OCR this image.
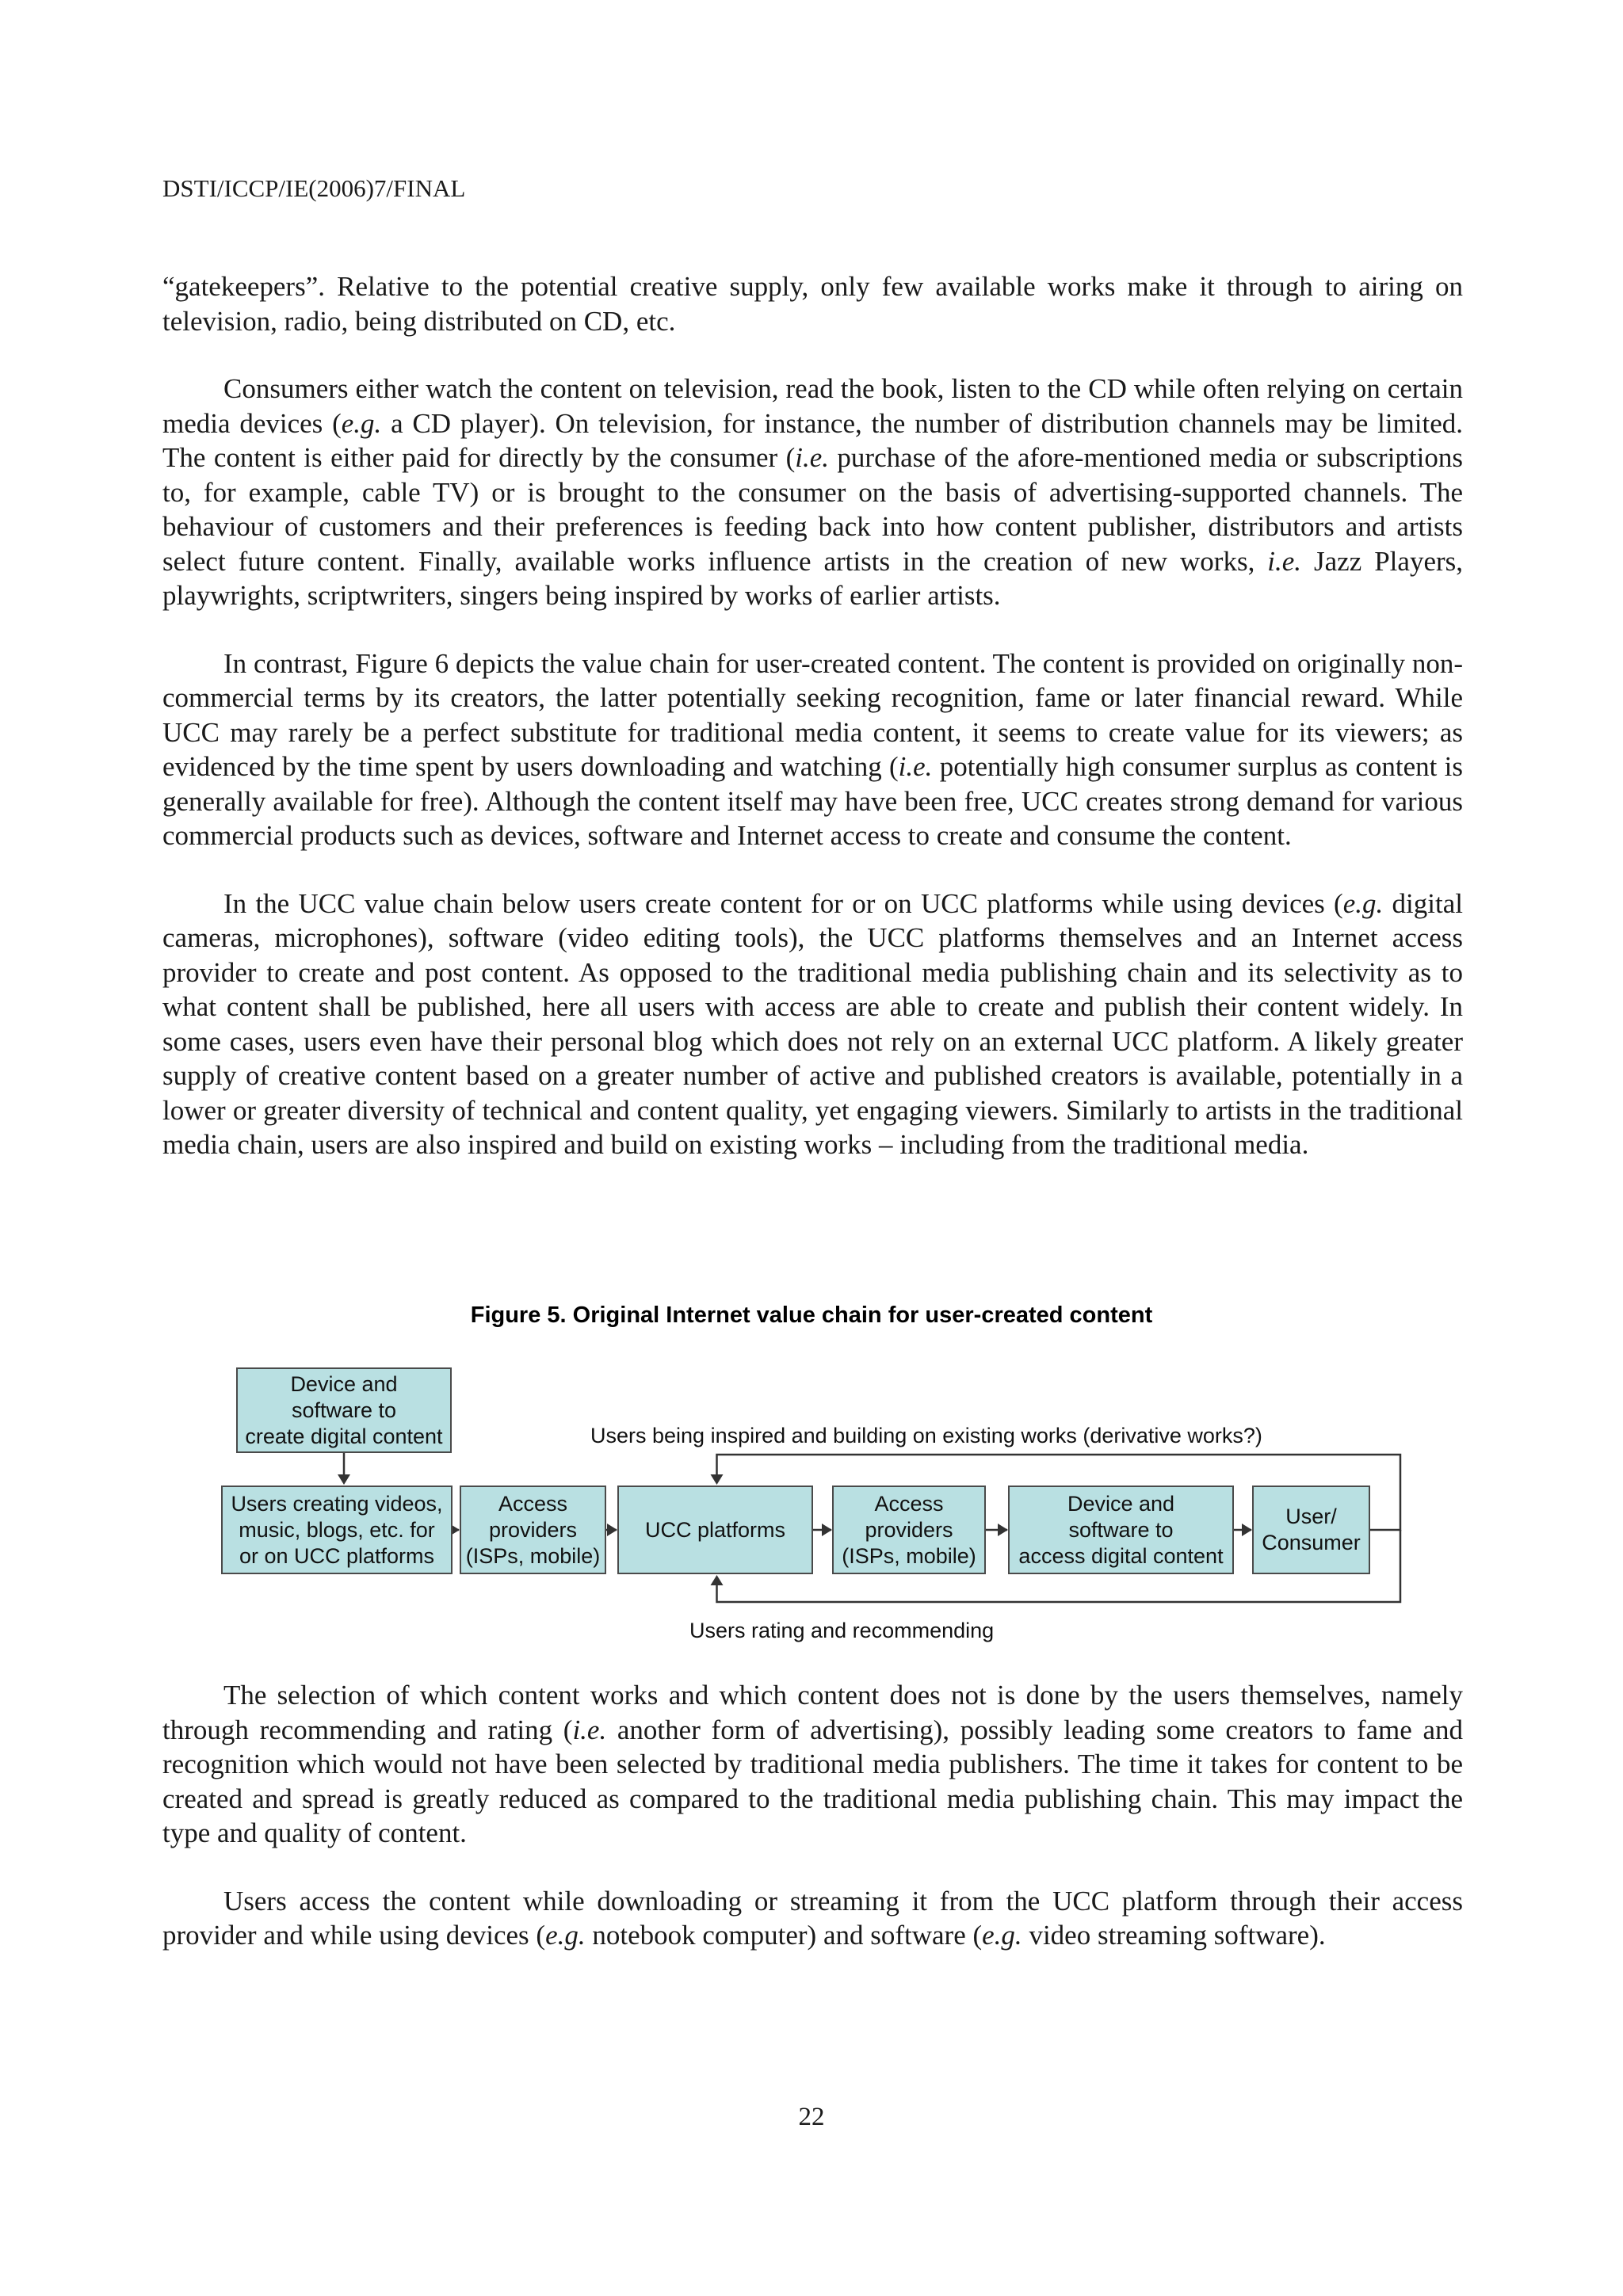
DSTI/ICCP/IE(2006)7/FINAL

“gatekeepers”. Relative to the potential creative supply, only few available works make it through to airing on television, radio, being distributed on CD, etc.

Consumers either watch the content on television, read the book, listen to the CD while often relying on certain media devices (e.g. a CD player). On television, for instance, the number of distribution channels may be limited. The content is either paid for directly by the consumer (i.e. purchase of the afore-mentioned media or subscriptions to, for example, cable TV) or is brought to the consumer on the basis of advertising-supported channels. The behaviour of customers and their preferences is feeding back into how content publisher, distributors and artists select future content. Finally, available works influence artists in the creation of new works, i.e. Jazz Players, playwrights, scriptwriters, singers being inspired by works of earlier artists.

In contrast, Figure 6 depicts the value chain for user-created content. The content is provided on originally non-commercial terms by its creators, the latter potentially seeking recognition, fame or later financial reward. While UCC may rarely be a perfect substitute for traditional media content, it seems to create value for its viewers; as evidenced by the time spent by users downloading and watching (i.e. potentially high consumer surplus as content is generally available for free). Although the content itself may have been free, UCC creates strong demand for various commercial products such as devices, software and Internet access to create and consume the content.

In the UCC value chain below users create content for or on UCC platforms while using devices (e.g. digital cameras, microphones), software (video editing tools), the UCC platforms themselves and an Internet access provider to create and post content. As opposed to the traditional media publishing chain and its selectivity as to what content shall be published, here all users with access are able to create and publish their content widely. In some cases, users even have their personal blog which does not rely on an external UCC platform. A likely greater supply of creative content based on a greater number of active and published creators is available, potentially in a lower or greater diversity of technical and content quality, yet engaging viewers. Similarly to artists in the traditional media chain, users are also inspired and build on existing works – including from the traditional media.

Figure 5. Original Internet value chain for user-created content
Device and
software to
create digital content
Users creating videos,
music, blogs, etc. for
or on UCC platforms
Access
providers
(ISPs, mobile)
UCC platforms
Access
providers
(ISPs, mobile)
Device and
software to
access digital content
User/
Consumer
Users being inspired and building on existing works (derivative works?)
Users rating and recommending

The selection of which content works and which content does not is done by the users themselves, namely through recommending and rating (i.e. another form of advertising), possibly leading some creators to fame and recognition which would not have been selected by traditional media publishers. The time it takes for content to be created and spread is greatly reduced as compared to the traditional media publishing chain. This may impact the type and quality of content.

Users access the content while downloading or streaming it from the UCC platform through their access provider and while using devices (e.g. notebook computer) and software (e.g. video streaming software).

22
